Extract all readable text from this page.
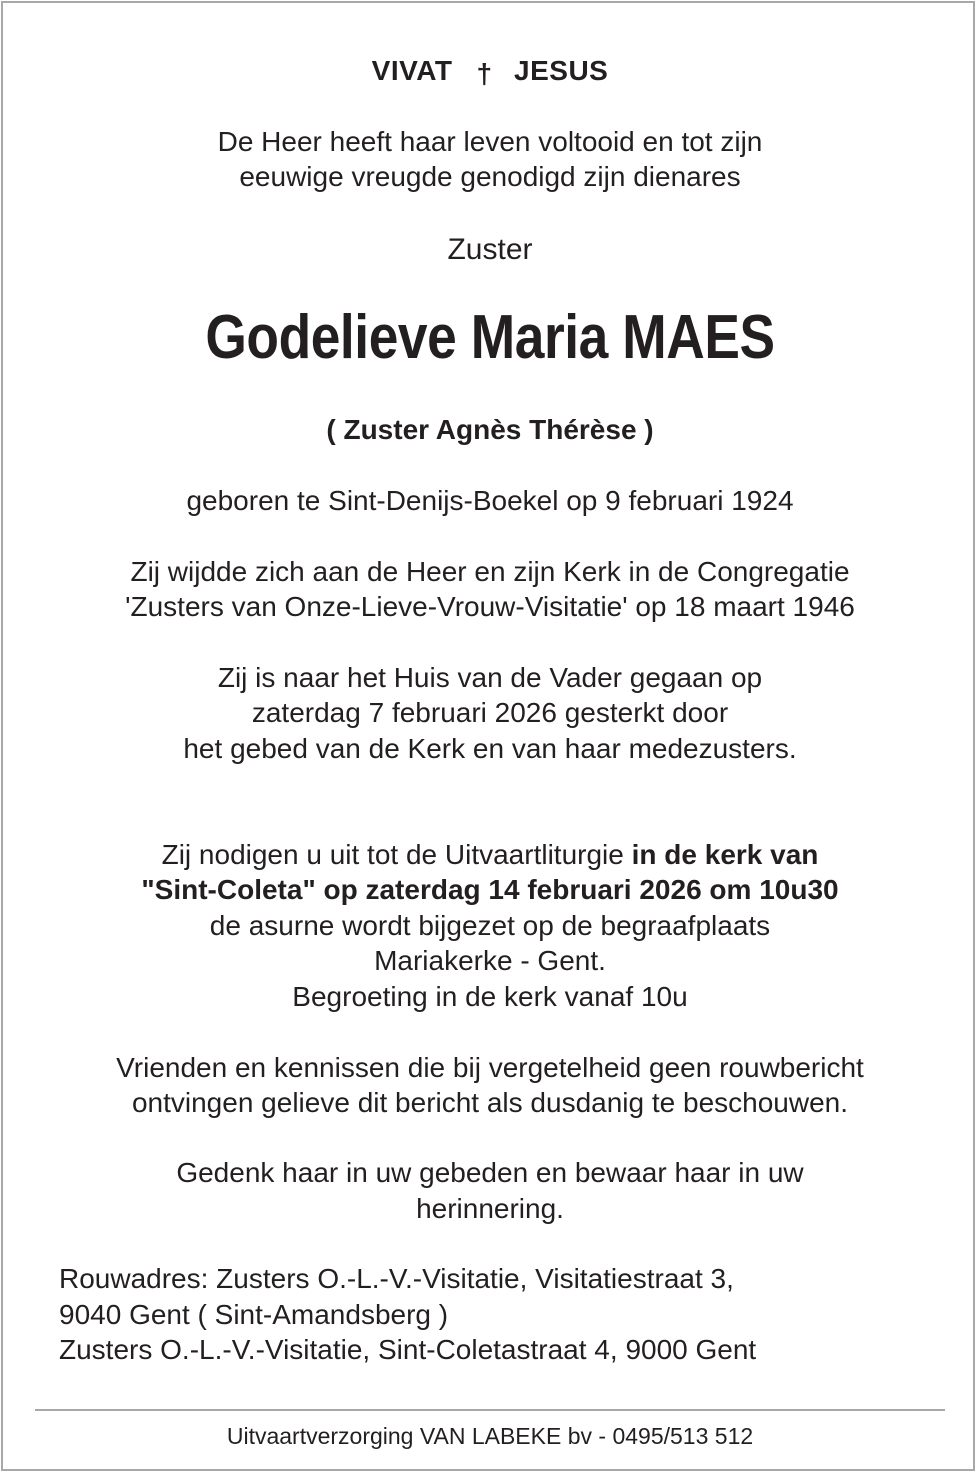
VIVAT † JESUS
De Heer heeft haar leven voltooid en tot zijn
eeuwige vreugde genodigd zijn dienares
Zuster
Godelieve Maria MAES
( Zuster Agnès Thérèse )
geboren te Sint-Denijs-Boekel op 9 februari 1924
Zij wijdde zich aan de Heer en zijn Kerk in de Congregatie
'Zusters van Onze-Lieve-Vrouw-Visitatie' op 18 maart 1946
Zij is naar het Huis van de Vader gegaan op
zaterdag 7 februari 2026 gesterkt door
het gebed van de Kerk en van haar medezusters.
Zij nodigen u uit tot de Uitvaartliturgie in de kerk van
"Sint-Coleta" op zaterdag 14 februari 2026 om 10u30
de asurne wordt bijgezet op de begraafplaats
Mariakerke - Gent.
Begroeting in de kerk vanaf 10u
Vrienden en kennissen die bij vergetelheid geen rouwbericht
ontvingen gelieve dit bericht als dusdanig te beschouwen.
Gedenk haar in uw gebeden en bewaar haar in uw
herinnering.
Rouwadres: Zusters O.-L.-V.-Visitatie, Visitatiestraat 3,
9040 Gent ( Sint-Amandsberg )
Zusters O.-L.-V.-Visitatie, Sint-Coletastraat 4, 9000 Gent
Uitvaartverzorging VAN LABEKE bv - 0495/513 512
